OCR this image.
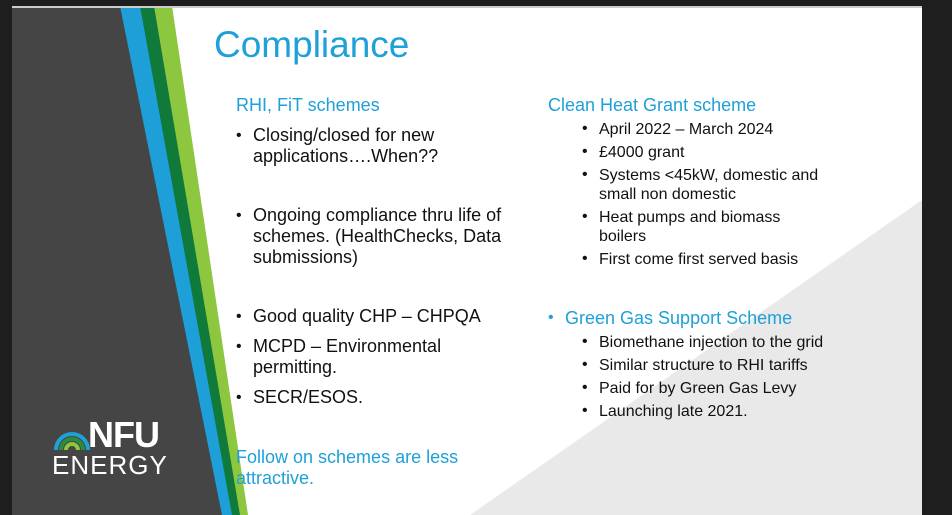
Compliance
RHI, FiT schemes
• Closing/closed for new
applications….When??
• Ongoing compliance thru life of
schemes. (HealthChecks, Data
submissions)
• Good quality CHP – CHPQA
• MCPD – Environmental
permitting.
• SECR/ESOS.
Follow on schemes are less
attractive.
Clean Heat Grant scheme
• April 2022 – March 2024
• £4000 grant
• Systems <45kW, domestic and
small non domestic
• Heat pumps and biomass
boilers
• First come first served basis
• Green Gas Support Scheme
• Biomethane injection to the grid
• Similar structure to RHI tariffs
• Paid for by Green Gas Levy
• Launching late 2021.
NFU
ENERGY
